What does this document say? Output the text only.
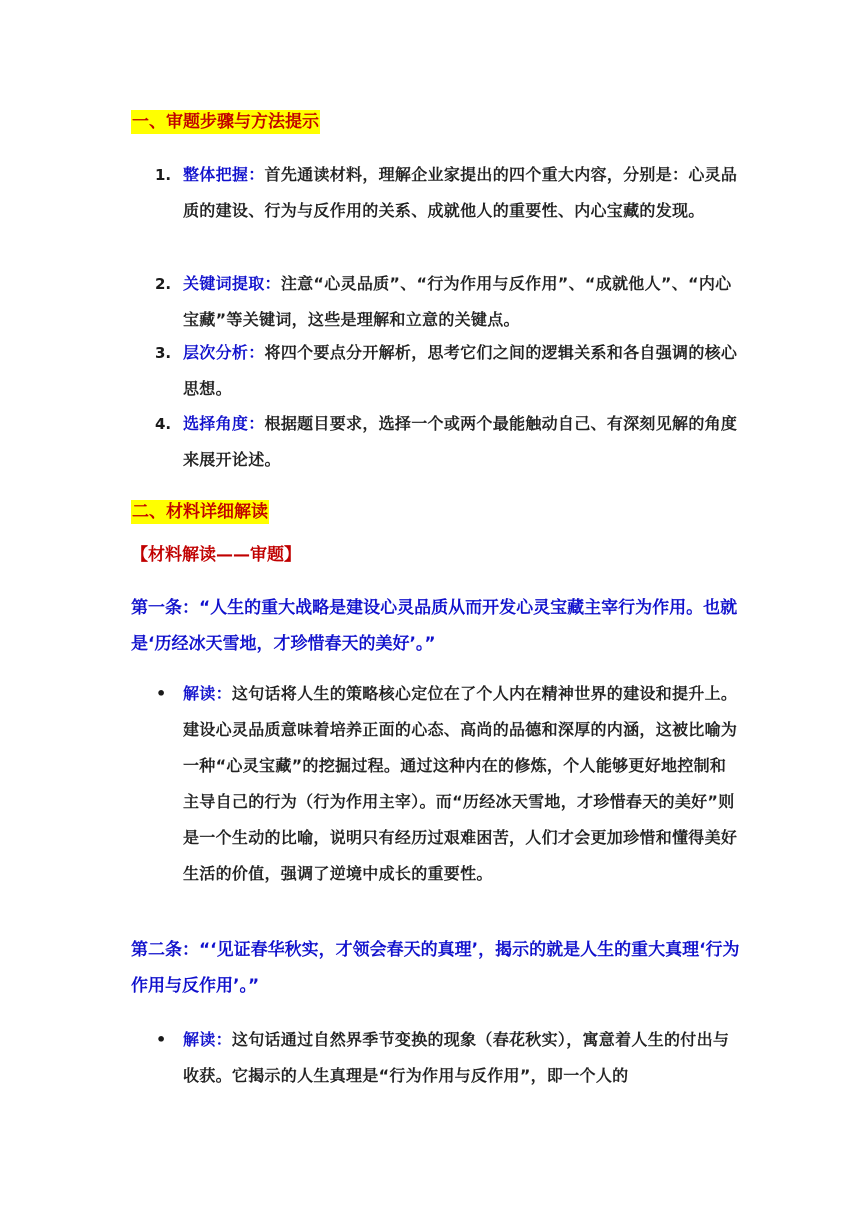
一、审题步骤与方法提示
1. 整体把握：首先通读材料，理解企业家提出的四个重大内容，分别是：心灵品质的建设、行为与反作用的关系、成就他人的重要性、内心宝藏的发现。
2. 关键词提取：注意“心灵品质”、“行为作用与反作用”、“成就他人”、“内心宝藏”等关键词，这些是理解和立意的关键点。
3. 层次分析：将四个要点分开解析，思考它们之间的逻辑关系和各自强调的核心思想。
4. 选择角度：根据题目要求，选择一个或两个最能触动自己、有深刻见解的角度来展开论述。
二、材料详细解读
【材料解读——审题】

第一条：“人生的重大战略是建设心灵品质从而开发心灵宝藏主宰行为作用。也就是‘历经冰天雪地，才珍惜春天的美好’。”

• 解读：这句话将人生的策略核心定位在了个人内在精神世界的建设和提升上。建设心灵品质意味着培养正面的心态、高尚的品德和深厚的内涵，这被比喻为一种“心灵宝藏”的挖掘过程。通过这种内在的修炼，个人能够更好地控制和主导自己的行为（行为作用主宰）。而“历经冰天雪地，才珍惜春天的美好”则是一个生动的比喻，说明只有经历过艰难困苦，人们才会更加珍惜和懂得美好生活的价值，强调了逆境中成长的重要性。

第二条：“‘见证春华秋实，才领会春天的真理’，揭示的就是人生的重大真理‘行为作用与反作用’。”

• 解读：这句话通过自然界季节变换的现象（春花秋实），寓意着人生的付出与收获。它揭示的人生真理是“行为作用与反作用”，即一个人的
